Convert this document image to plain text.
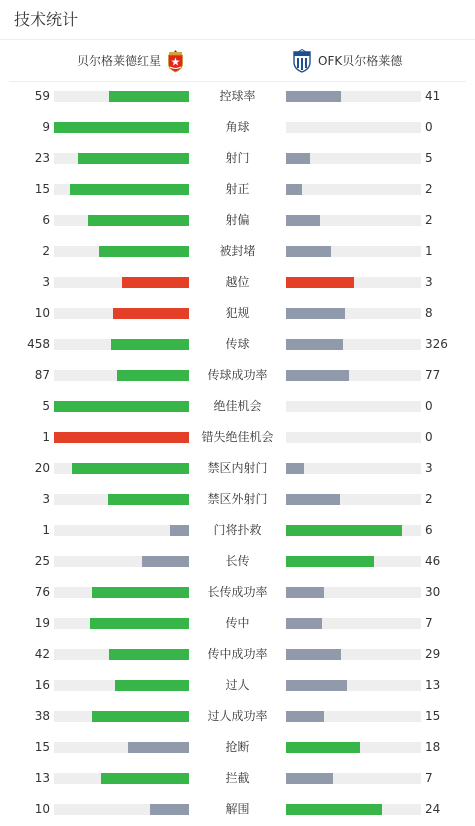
技术统计
贝尔格莱德红星	OFK贝尔格莱德
59	控球率	41
9	角球	0
23	射门	5
15	射正	2
6	射偏	2
2	被封堵	1
3	越位	3
10	犯规	8
458	传球	326
87	传球成功率	77
5	绝佳机会	0
1	错失绝佳机会	0
20	禁区内射门	3
3	禁区外射门	2
1	门将扑救	6
25	长传	46
76	长传成功率	30
19	传中	7
42	传中成功率	29
16	过人	13
38	过人成功率	15
15	抢断	18
13	拦截	7
10	解围	24
